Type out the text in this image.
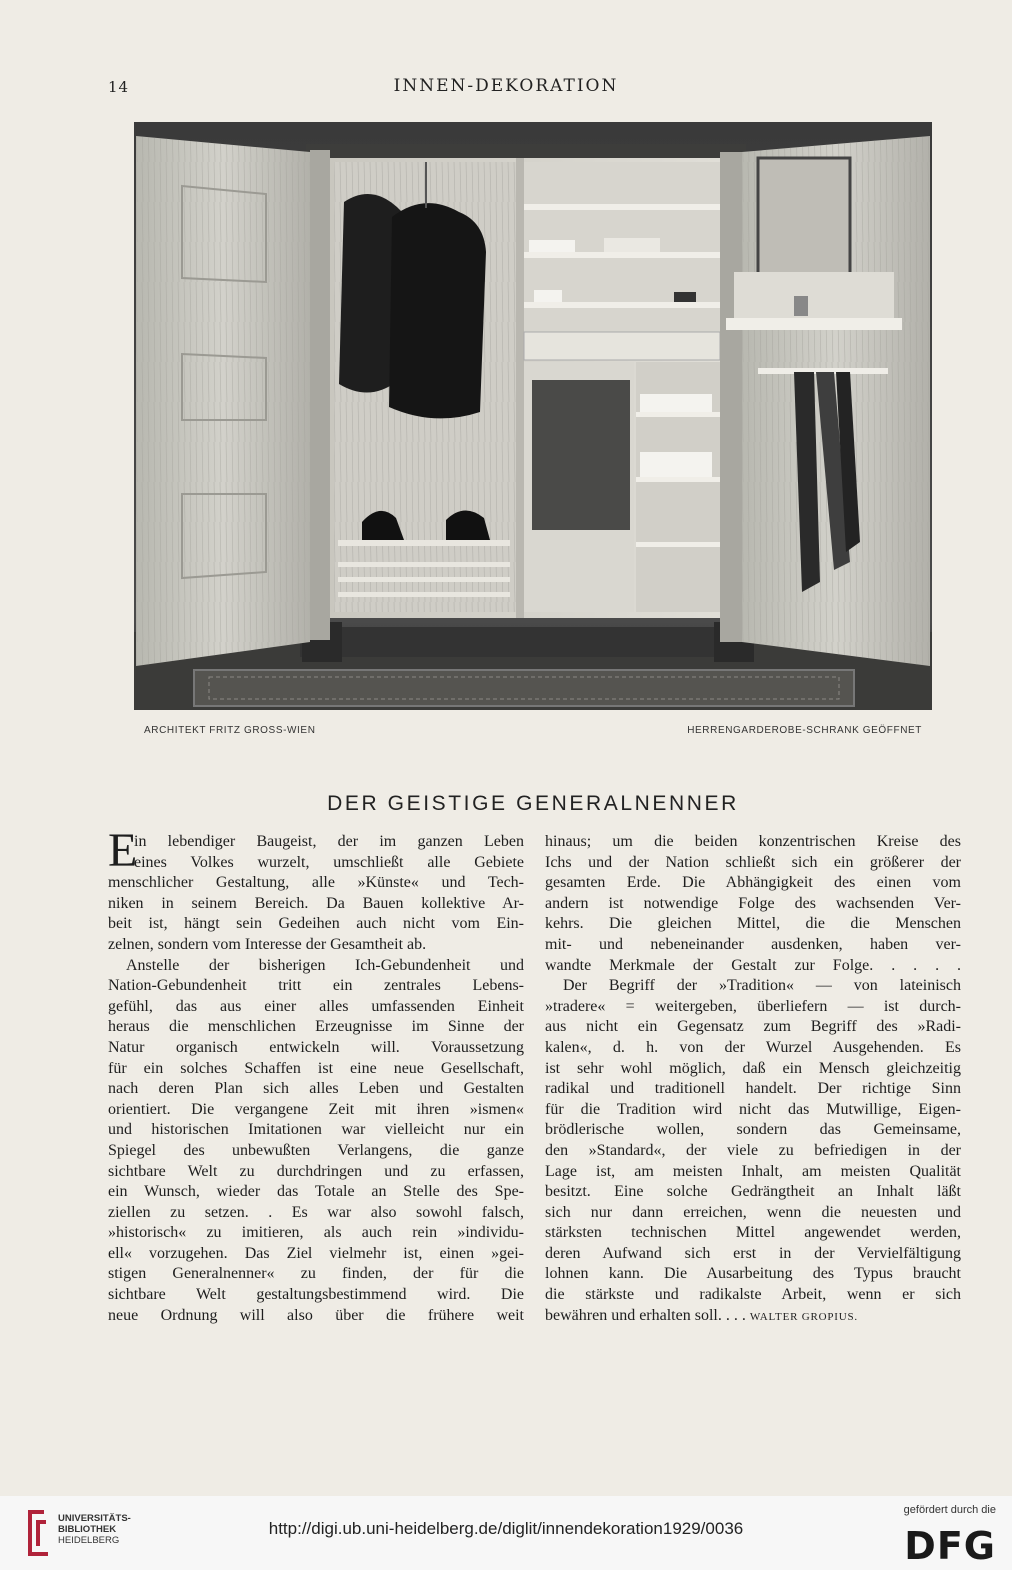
14	INNEN-DEKORATION
ARCHITEKT FRITZ GROSS-WIEN	HERRENGARDEROBE-SCHRANK GEÖFFNET
DER GEISTIGE GENERALNENNER
E
in lebendiger Baugeist, der im ganzen Leben
eines Volkes wurzelt, umschließt alle Gebiete
menschlicher Gestaltung, alle »Künste« und Tech-
niken in seinem Bereich. Da Bauen kollektive Ar-
beit ist, hängt sein Gedeihen auch nicht vom Ein-
zelnen, sondern vom Interesse der Gesamtheit ab.
Anstelle der bisherigen Ich-Gebundenheit und
Nation-Gebundenheit tritt ein zentrales Lebens-
gefühl, das aus einer alles umfassenden Einheit
heraus die menschlichen Erzeugnisse im Sinne der
Natur organisch entwickeln will. Voraussetzung
für ein solches Schaffen ist eine neue Gesellschaft,
nach deren Plan sich alles Leben und Gestalten
orientiert. Die vergangene Zeit mit ihren »ismen«
und historischen Imitationen war vielleicht nur ein
Spiegel des unbewußten Verlangens, die ganze
sichtbare Welt zu durchdringen und zu erfassen,
ein Wunsch, wieder das Totale an Stelle des Spe-
ziellen zu setzen. . Es war also sowohl falsch,
»historisch« zu imitieren, als auch rein »individu-
ell« vorzugehen. Das Ziel vielmehr ist, einen »gei-
stigen Generalnenner« zu finden, der für die
sichtbare Welt gestaltungsbestimmend wird. Die
neue Ordnung will also über die frühere weit
hinaus; um die beiden konzentrischen Kreise des
Ichs und der Nation schließt sich ein größerer der
gesamten Erde. Die Abhängigkeit des einen vom
andern ist notwendige Folge des wachsenden Ver-
kehrs. Die gleichen Mittel, die die Menschen
mit- und nebeneinander ausdenken, haben ver-
wandte Merkmale der Gestalt zur Folge. . . . .
Der Begriff der »Tradition« — von lateinisch
»tradere« = weitergeben, überliefern — ist durch-
aus nicht ein Gegensatz zum Begriff des »Radi-
kalen«, d. h. von der Wurzel Ausgehenden. Es
ist sehr wohl möglich, daß ein Mensch gleichzeitig
radikal und traditionell handelt. Der richtige Sinn
für die Tradition wird nicht das Mutwillige, Eigen-
brödlerische wollen, sondern das Gemeinsame,
den »Standard«, der viele zu befriedigen in der
Lage ist, am meisten Inhalt, am meisten Qualität
besitzt. Eine solche Gedrängtheit an Inhalt läßt
sich nur dann erreichen, wenn die neuesten und
stärksten technischen Mittel angewendet werden,
deren Aufwand sich erst in der Vervielfältigung
lohnen kann. Die Ausarbeitung des Typus braucht
die stärkste und radikalste Arbeit, wenn er sich
bewähren und erhalten soll. . . . WALTER GROPIUS.
UNIVERSITÄTS-
BIBLIOTHEK
HEIDELBERG
http://digi.ub.uni-heidelberg.de/diglit/innendekoration1929/0036
gefördert durch die
DFG
